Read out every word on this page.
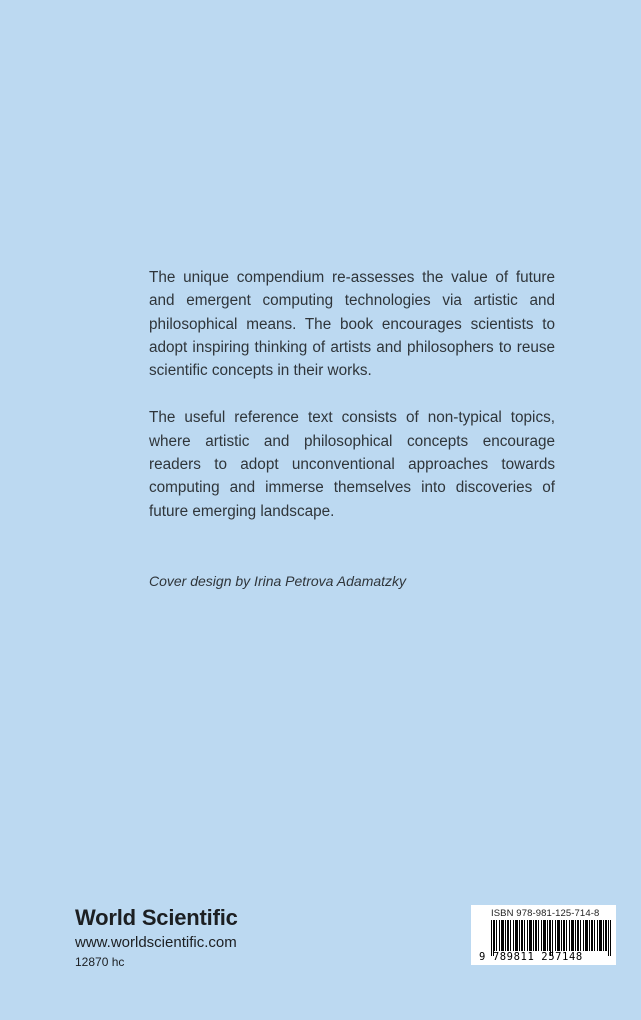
The unique compendium re-assesses the value of future and emergent computing technologies via artistic and philosophical means. The book encourages scientists to adopt inspiring thinking of artists and philosophers to reuse scientific concepts in their works.

The useful reference text consists of non-typical topics, where artistic and philosophical concepts encourage readers to adopt unconventional approaches towards computing and immerse themselves into discoveries of future emerging landscape.

Cover design by Irina Petrova Adamatzky
World Scientific
www.worldscientific.com
12870 hc
ISBN 978-981-125-714-8
9 789811 257148
